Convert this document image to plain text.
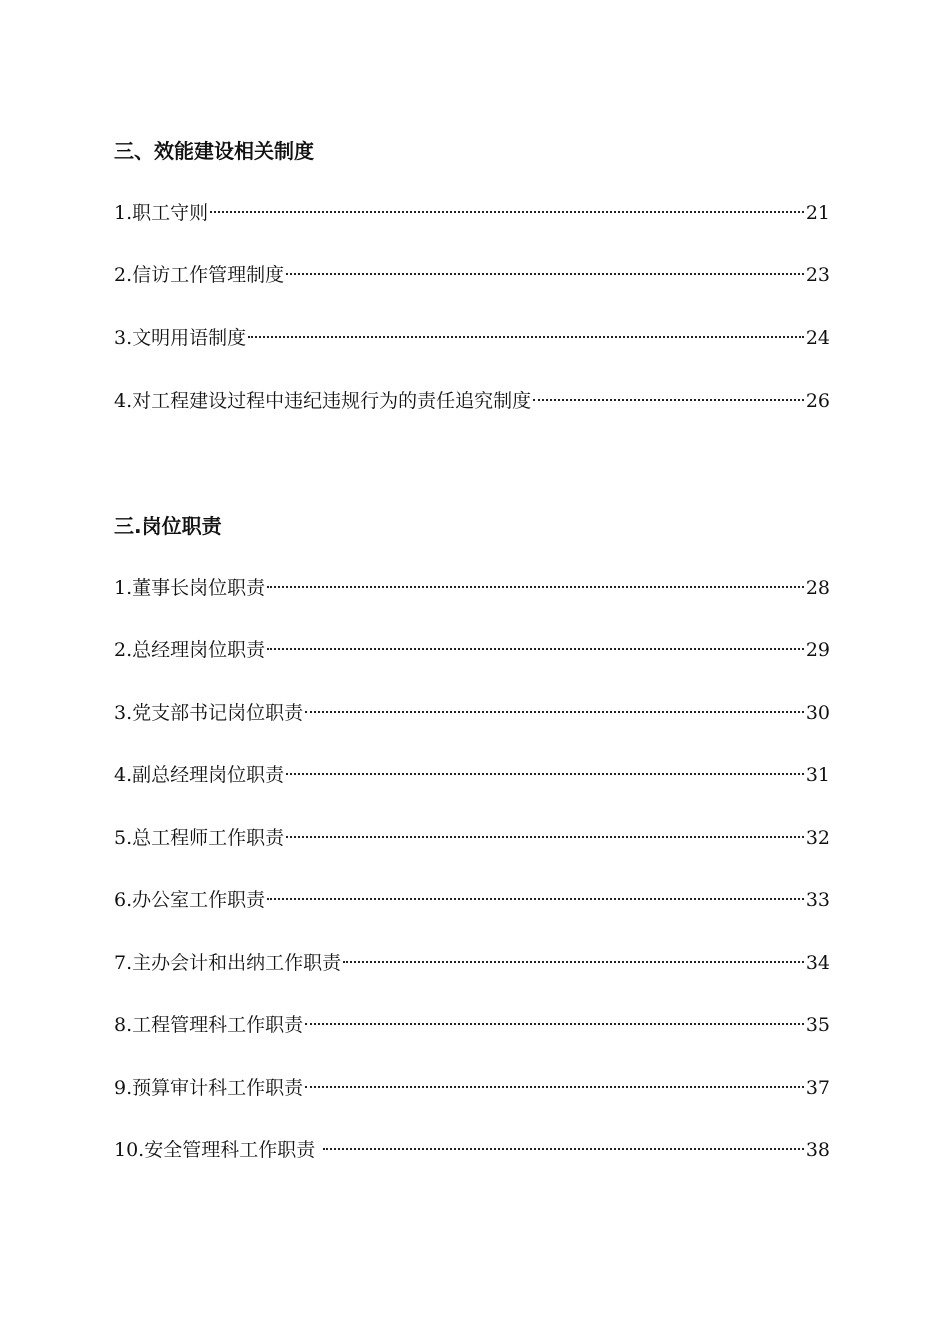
三、效能建设相关制度
1.职工守则	21
2.信访工作管理制度	23
3.文明用语制度	24
4.对工程建设过程中违纪违规行为的责任追究制度	26
三.岗位职责
1.董事长岗位职责	28
2.总经理岗位职责	29
3.党支部书记岗位职责	30
4.副总经理岗位职责	31
5.总工程师工作职责	32
6.办公室工作职责	33
7.主办会计和出纳工作职责	34
8.工程管理科工作职责	35
9.预算审计科工作职责	37
10.安全管理科工作职责	38
